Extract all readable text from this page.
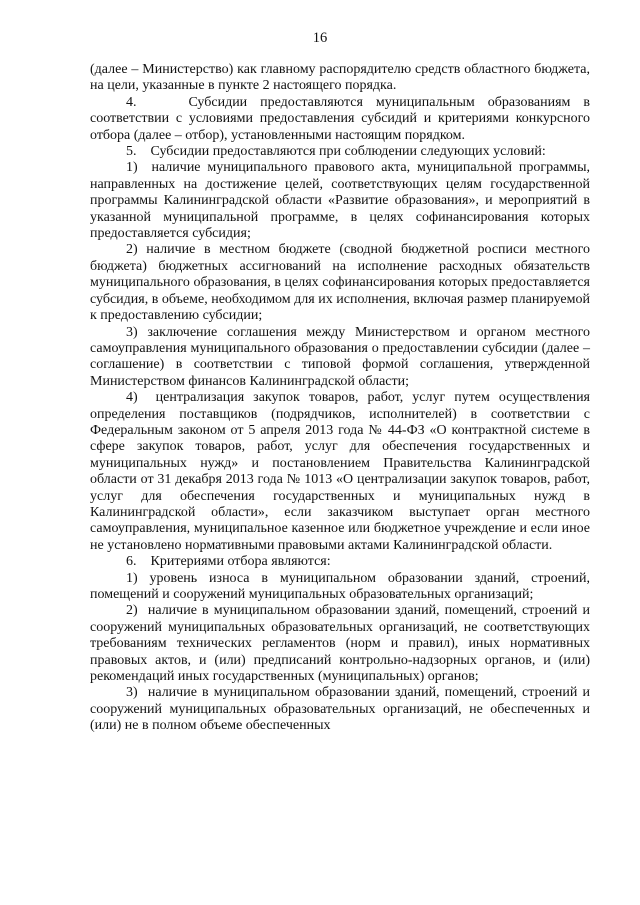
16

(далее – Министерство) как главному распорядителю средств областного бюджета, на цели, указанные в пункте 2 настоящего порядка.

4.    Субсидии предоставляются муниципальным образованиям в соответствии с условиями предоставления субсидий и критериями конкурсного отбора (далее – отбор), установленными настоящим порядком.

5.    Субсидии предоставляются при соблюдении следующих условий:

1)  наличие муниципального правового акта, муниципальной программы, направленных на достижение целей, соответствующих целям государственной программы Калининградской области «Развитие образования», и мероприятий в указанной муниципальной программе, в целях софинансирования которых предоставляется субсидия;

2) наличие в местном бюджете (сводной бюджетной росписи местного бюджета) бюджетных ассигнований на исполнение расходных обязательств муниципального образования, в целях софинансирования которых предоставляется субсидия, в объеме, необходимом для их исполнения, включая размер планируемой к предоставлению субсидии;

3) заключение соглашения между Министерством и органом местного самоуправления муниципального образования о предоставлении субсидии (далее – соглашение) в соответствии с типовой формой соглашения, утвержденной Министерством финансов Калининградской области;

4)  централизация закупок товаров, работ, услуг путем осуществления определения поставщиков (подрядчиков, исполнителей) в соответствии с Федеральным законом от 5 апреля 2013 года № 44-ФЗ «О контрактной системе в сфере закупок товаров, работ, услуг для обеспечения государственных и муниципальных нужд» и постановлением Правительства Калининградской области от 31 декабря 2013 года № 1013 «О централизации закупок товаров, работ, услуг для обеспечения государственных и муниципальных нужд в Калининградской области», если заказчиком выступает орган местного самоуправления, муниципальное казенное или бюджетное учреждение и если иное не установлено нормативными правовыми актами Калининградской области.

6.    Критериями отбора являются:

1) уровень износа в муниципальном образовании зданий, строений, помещений и сооружений муниципальных образовательных организаций;

2)  наличие в муниципальном образовании зданий, помещений, строений и сооружений муниципальных образовательных организаций, не соответствующих требованиям технических регламентов (норм и правил), иных нормативных правовых актов, и (или) предписаний контрольно-надзорных органов, и (или) рекомендаций иных государственных (муниципальных) органов;

3)  наличие в муниципальном образовании зданий, помещений, строений и сооружений муниципальных образовательных организаций, не обеспеченных и (или) не в полном объеме обеспеченных
